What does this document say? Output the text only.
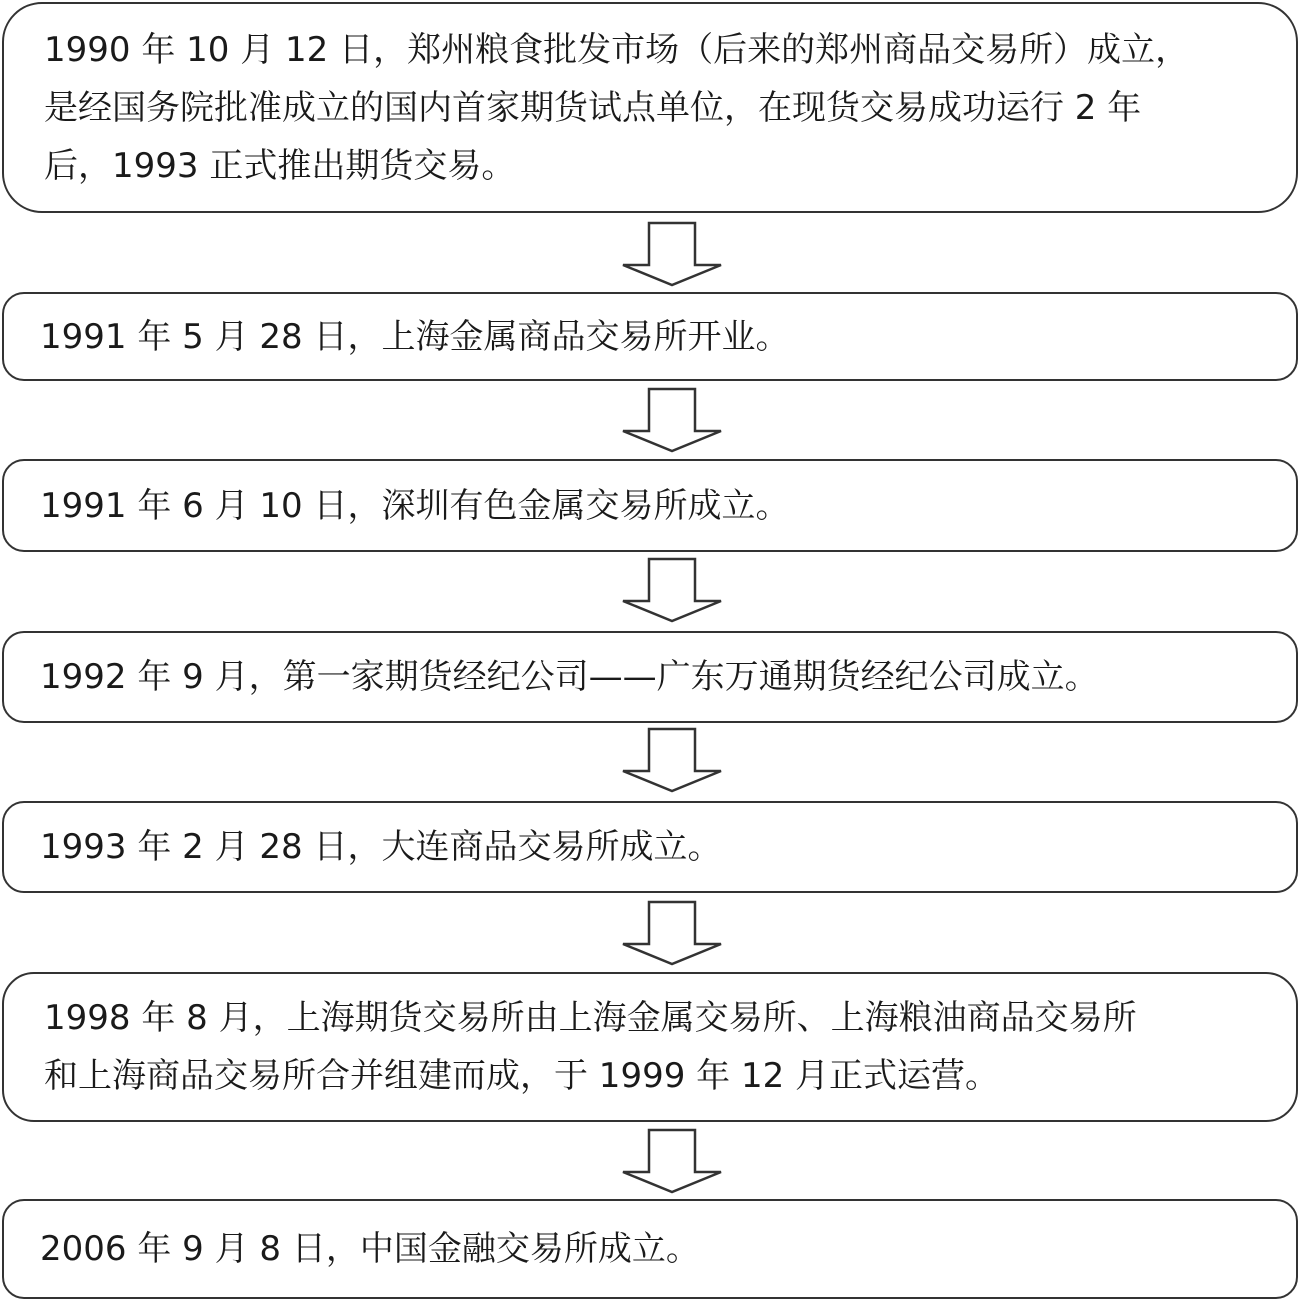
1990 年 10 月 12 日，郑州粮食批发市场（后来的郑州商品交易所）成立，
是经国务院批准成立的国内首家期货试点单位，在现货交易成功运行 2 年
后，1993 正式推出期货交易。
1991 年 5 月 28 日，上海金属商品交易所开业。
1991 年 6 月 10 日，深圳有色金属交易所成立。
1992 年 9 月，第一家期货经纪公司——广东万通期货经纪公司成立。
1993 年 2 月 28 日，大连商品交易所成立。
1998 年 8 月，上海期货交易所由上海金属交易所、上海粮油商品交易所
和上海商品交易所合并组建而成，于 1999 年 12 月正式运营。
2006 年 9 月 8 日，中国金融交易所成立。
